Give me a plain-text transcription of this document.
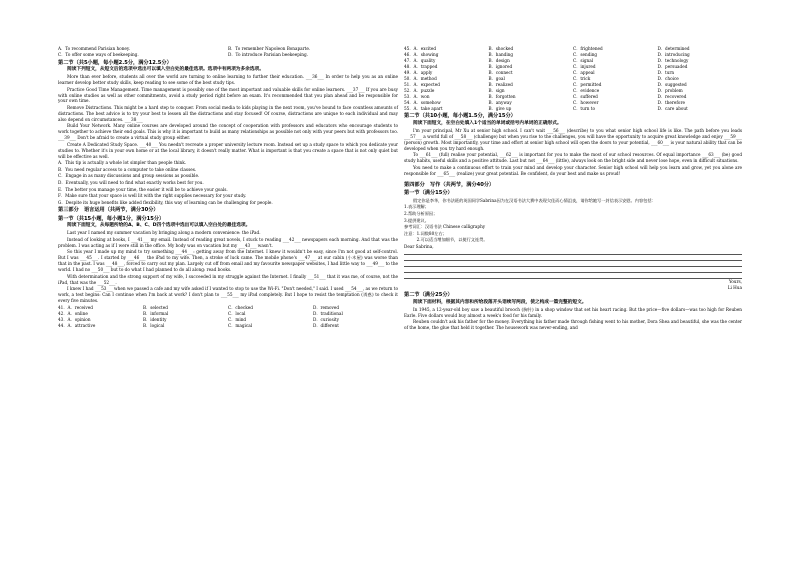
A．To recommend Parisian honey.	B．To remember Napoleon Bonaparte.
C．To offer some ways of beekeeping.	D．To introduce Parisian beekeeping.
第二节（共5小题，每小题2.5分，满分12.5分）
阅读下列短文，从短文后的选项中选出可以填入空白处的最佳选项。选项中有两项为多余选项。

More than ever before, students all over the world are turning to online learning to further their education. ___36___ In order to help you as an online learner develop better study skills, keep reading to see some of the best study tips.

Practice Good Time Management. Time management is possibly one of the most important and valuable skills for online learners. ___37___ If you are busy with online studies as well as other commitments, avoid a study period right before an exam. It's recommended that you plan ahead and be responsible for your own time.

Remove Distractions. This might be a hard step to conquer. From social media to kids playing in the next room, you've bound to face countless amounts of distractions. The best advice is to try your best to lessen all the distractions and stay focused! Of course, distractions are unique to each individual and may also depend on circumstances. ___38___

Build Your Network. Many online courses are developed around the concept of cooperation with professors and educators who encourage students to work together to achieve their end goals. This is why it is important to build as many relationships as possible not only with your peers but with professors too. ___39___ Don't be afraid to create a virtual study group either.

Create A Dedicated Study Space. ___40___ You needn't recreate a proper university lecture room. Instead set up a study space to which you dedicate your studies to. Whether it's in your own home or at the local library, it doesn't really matter. What is important is that you create a space that is not only quiet but will be effective as well.

A．This tip is actually a whole lot simpler than people think.

B．You need regular access to a computer to take online classes.

C．Engage in as many discussions and group sessions as possible.

D．Eventually, you will need to find what exactly works best for you.

E．The better you manage your time, the easier it will be to achieve your goals.

F．Make sure that your space is well lit with the right supplies necessary for your study.

G．Despite its huge benefits like added flexibility, this way of learning can be challenging for people.

第三部分　语言运用（共两节，满分30分）
第一节（共15小题，每小题1分，满分15分）
阅读下面短文，从每题所给的A、B、C、D四个选项中选出可以填入空白处的最佳选项。

Last year I named my summer vacation by bringing along a modern convenience: the iPad.

Instead of looking at books, I ___41___ my email. Instead of reading great novels, I stuck to reading ___42___ newspapers each morning. And that was the problem. I was acting as if I were still in the office. My body was on vacation but my ___43___ wasn't.

So this year I made up my mind to try something ___44___: getting away from the Internet. I knew it wouldn't be easy, since I'm not good at self-control. But I was ___45___. I started by ___46___ the iPad to my wife. Then, a stroke of luck came. The mobile phone's ___47___ at our cabin (小木屋) was worse than that in the past. I was ___48___, forced to carry out my plan. Largely cut off from email and my favourite newspaper websites, I had little way to ___49___ to the world. I had no ___50___ but to do what I had planned to do all along: read books.

With determination and the strong support of my wife, I succeeded in my struggle against the Internet. I finally ___51___ that it was me, of course, not the iPad, that was the ___52___.

I knew I had ___53___ when we passed a cafe and my wife asked if I wanted to stop to use the Wi-Fi. "Don't needed," I said. I used ___54___, as we return to work, a test begins: Can I continue when I'm back at work? I don't plan to ___55___ my iPad completely. But I hope to resist the temptation (诱惑) to check it every five minutes.

41．A．received	B．selected	C．checked	D．removed
42．A．online	B．informal	C．local	D．traditional
43．A．opinion	B．identity	C．mind	D．curiosity
44．A．attractive	B．logical	C．magical	D．different
45．A．excited	B．shocked	C．frightened	D．determined
46．A．showing	B．handing	C．sending	D．introducing
47．A．quality	B．design	C．signal	D．technology
48．A．trapped	B．ignored	C．injured	D．persuaded
49．A．apply	B．connect	C．appeal	D．turn
50．A．method	B．goal	C．trick	D．choice
51．A．expected	B．realized	C．permitted	D．suggested
52．A．puzzle	B．sign	C．evidence	D．problem
53．A．won	B．forgotten	C．suffered	D．recovered
54．A．somehow	B．anyway	C．however	D．therefore
55．A．take apart	B．give up	C．turn to	D．care about
第二节（共10小题，每小题1.5分，满分15分）
阅读下面短文，在空白处填入1个适当的单词或括号内单词的正确形式。

I'm your principal, Mr Xu at senior high school. I can't wait ___56___ (describe) to you what senior high school life is like. The path before you leads ___57___ a world full of ___58___ (challenge) but when you rise to the challenges, you will have the opportunity to acquire great knowledge and enjoy ___59___ (person) growth. Most importantly, your time and effort at senior high school will open the doors to your potential, ___60___ is your natural ability that can be developed when you try hard enough.

To ___61___ (full) realise your potential, ___62___ is important for you to make the most of our school resources. Of equal importance ___63___ (be) good study habits, useful skills and a positive attitude. Last but not ___64___ (little), always look on the bright side and never lose hope, even in difficult situations.

You need to make a continuous effort to train your mind and develop your character. Senior high school will help you learn and grow, yet you alone are responsible for ___65___ (realize) your great potential. Be confident, do your best and make us proud!

第四部分　写作（共两节，满分40分）
第一节（满分15分）

假定你是李华，你书法班的英国同学Sabrina因为在汉语书法大赛中表现欠佳而心情沮丧，请你给她写一封信表示安慰。内容包括：

1.表示理解；

2.帮助分析原因；

3.提供建议。

参考词汇：汉语书法 Chinese calligraphy

注意：1.词数80左右；

　　　2.可以适当增加细节，以使行文连贯。

Dear Sabrina,

Yours,

Li Hua

第二节（满分25分）
阅读下面材料，根据其内容和所给段落开头语续写两段，使之构成一篇完整的短文。

In 1945, a 12-year-old boy saw a beautiful brooch (胸针) in a shop window that set his heart racing. But the price—five dollars—was too high for Reuben Earle. Five dollars would buy almost a week's food for his family.

Reuben couldn't ask his father for the money. Everything his father made through fishing went to his mother, Dora Shea and beautiful, she was the center of the home, the glue that held it together. The housework was never-ending, and
